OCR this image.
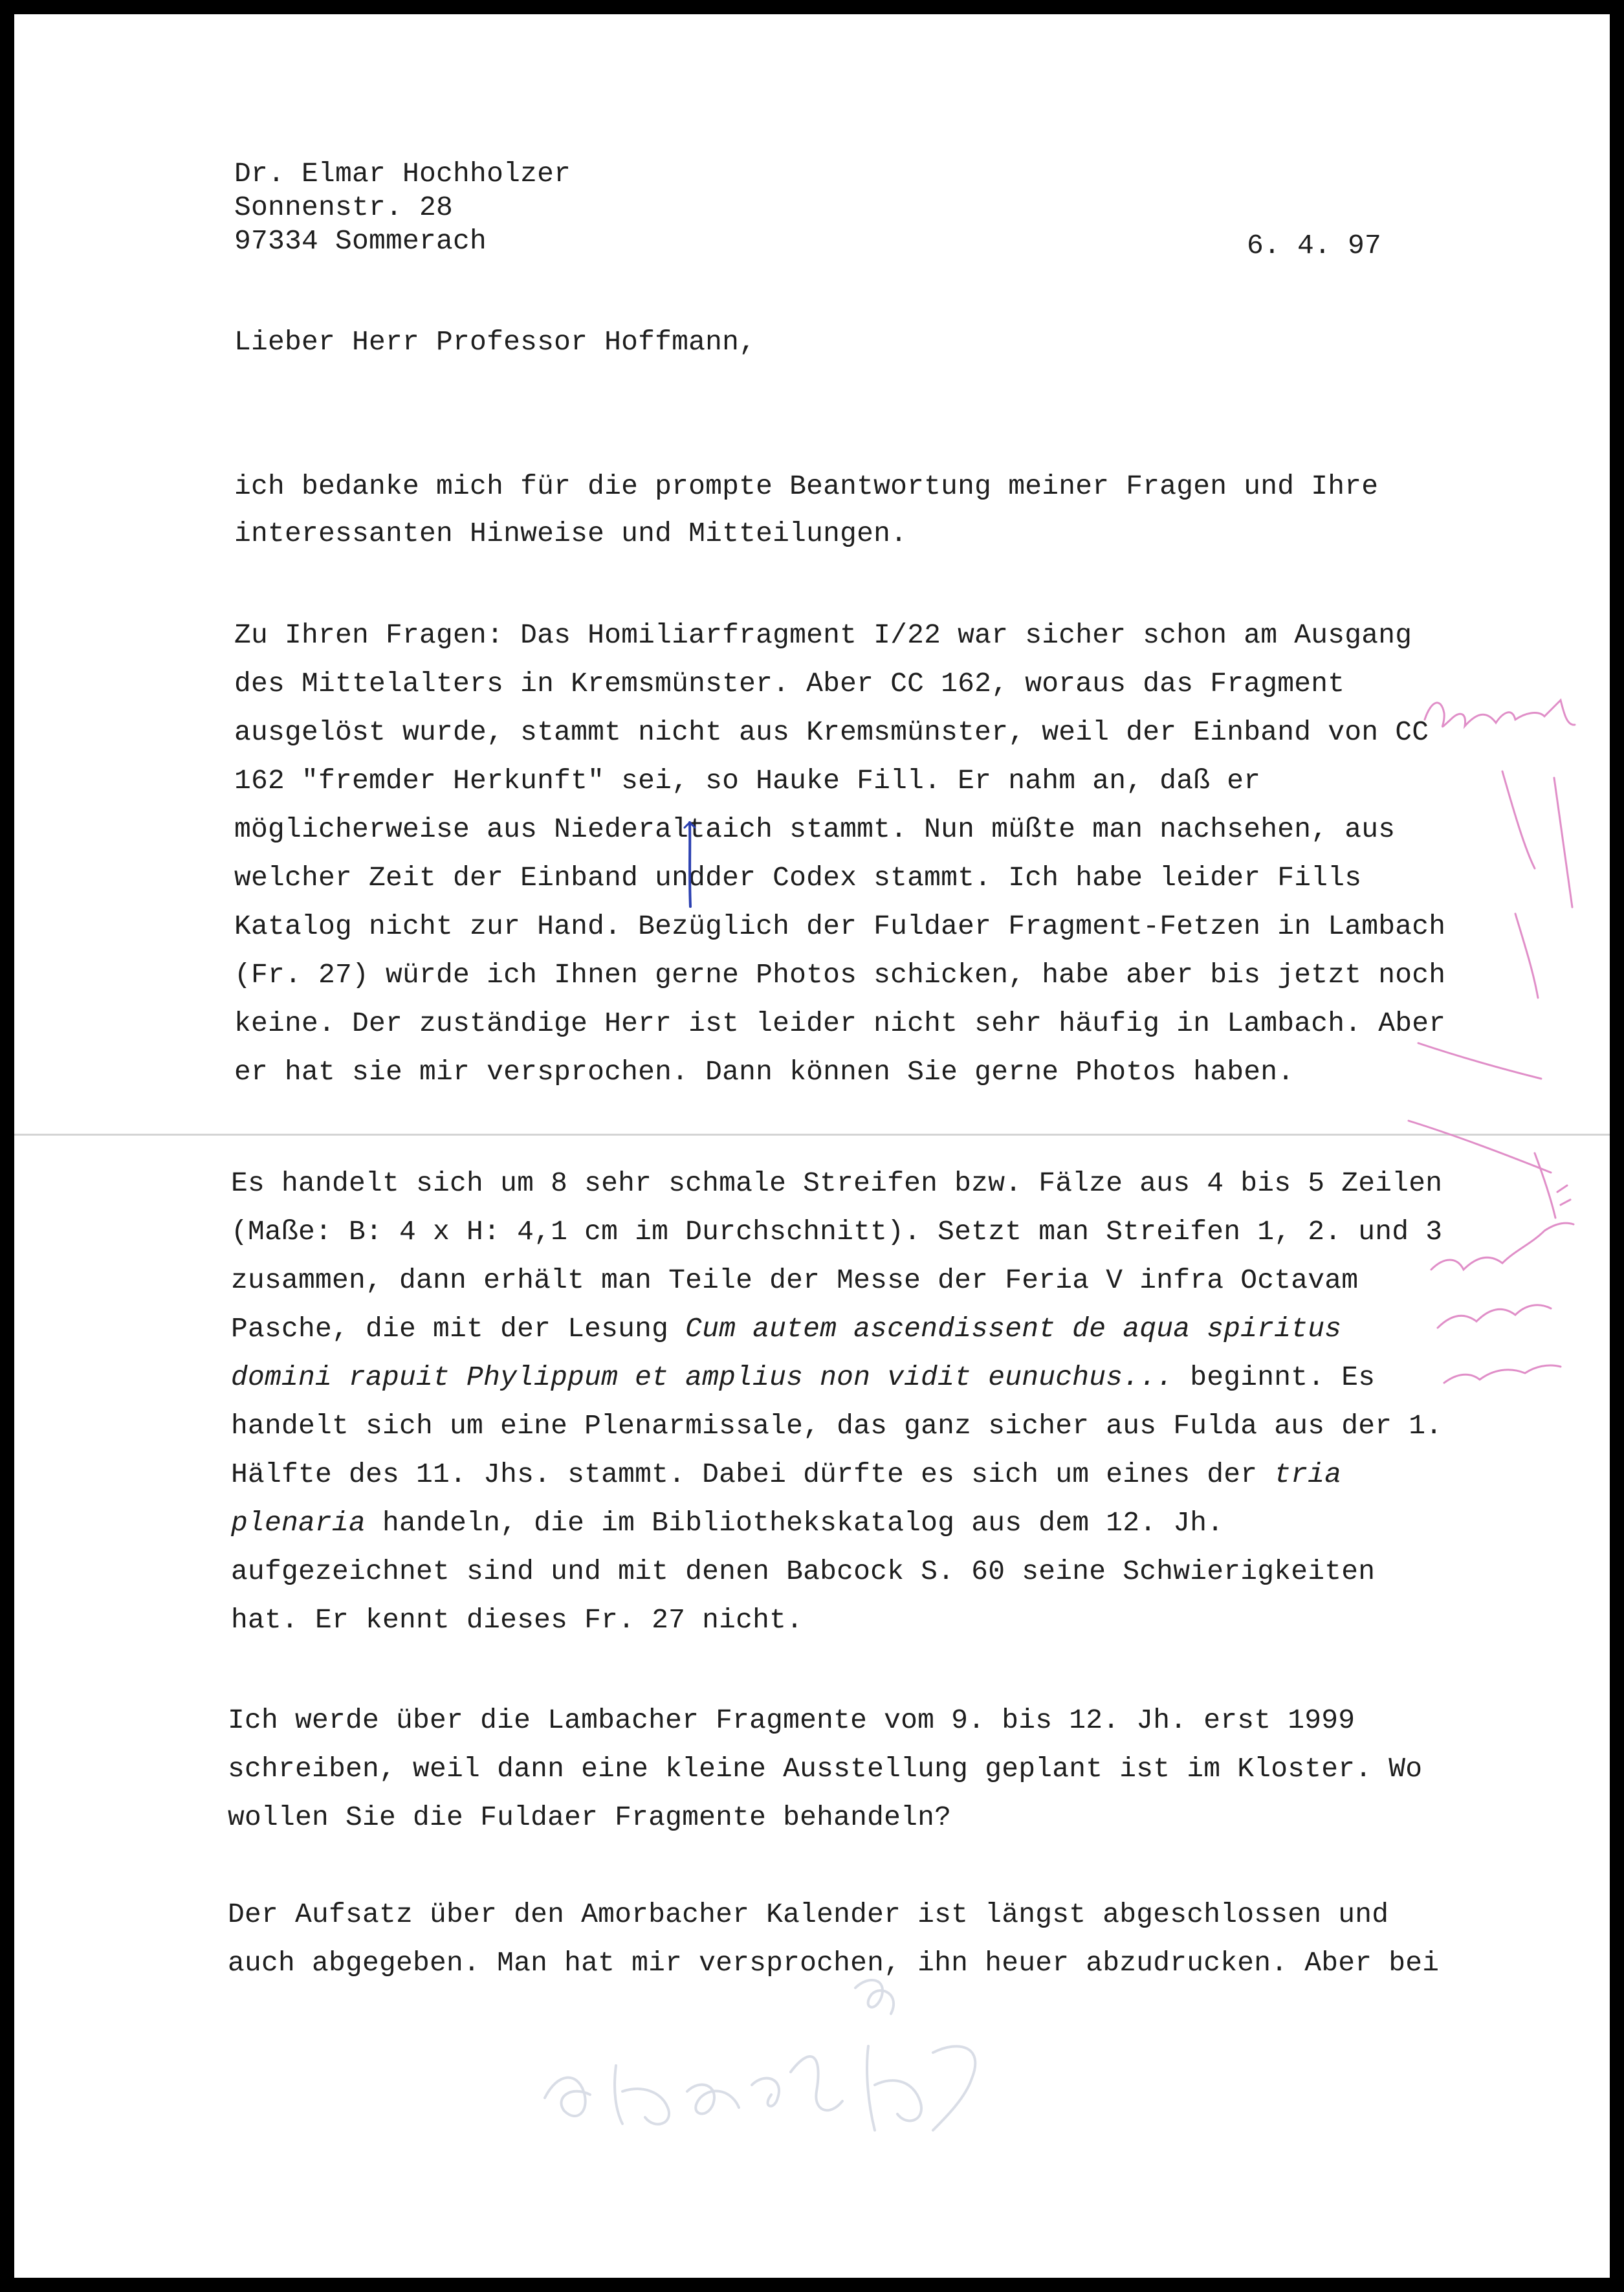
Dr. Elmar Hochholzer
Sonnenstr. 28
97334 Sommerach	6. 4. 97
Lieber Herr Professor Hoffmann,
ich bedanke mich für die prompte Beantwortung meiner Fragen und Ihre
interessanten Hinweise und Mitteilungen.
Zu Ihren Fragen: Das Homiliarfragment I/22 war sicher schon am Ausgang
des Mittelalters in Kremsmünster. Aber CC 162, woraus das Fragment
ausgelöst wurde, stammt nicht aus Kremsmünster, weil der Einband von CC
162 "fremder Herkunft" sei, so Hauke Fill. Er nahm an, daß er
möglicherweise aus Niederaltaich stammt. Nun müßte man nachsehen, aus
welcher Zeit der Einband undder Codex stammt. Ich habe leider Fills
Katalog nicht zur Hand. Bezüglich der Fuldaer Fragment-Fetzen in Lambach
(Fr. 27) würde ich Ihnen gerne Photos schicken, habe aber bis jetzt noch
keine. Der zuständige Herr ist leider nicht sehr häufig in Lambach. Aber
er hat sie mir versprochen. Dann können Sie gerne Photos haben.
Es handelt sich um 8 sehr schmale Streifen bzw. Fälze aus 4 bis 5 Zeilen
(Maße: B: 4 x H: 4,1 cm im Durchschnitt). Setzt man Streifen 1, 2. und 3
zusammen, dann erhält man Teile der Messe der Feria V infra Octavam
Pasche, die mit der Lesung Cum autem ascendissent de aqua spiritus
domini rapuit Phylippum et amplius non vidit eunuchus... beginnt. Es
handelt sich um eine Plenarmissale, das ganz sicher aus Fulda aus der 1.
Hälfte des 11. Jhs. stammt. Dabei dürfte es sich um eines der tria
plenaria handeln, die im Bibliothekskatalog aus dem 12. Jh.
aufgezeichnet sind und mit denen Babcock S. 60 seine Schwierigkeiten
hat. Er kennt dieses Fr. 27 nicht.
Ich werde über die Lambacher Fragmente vom 9. bis 12. Jh. erst 1999
schreiben, weil dann eine kleine Ausstellung geplant ist im Kloster. Wo
wollen Sie die Fuldaer Fragmente behandeln?
Der Aufsatz über den Amorbacher Kalender ist längst abgeschlossen und
auch abgegeben. Man hat mir versprochen, ihn heuer abzudrucken. Aber bei
